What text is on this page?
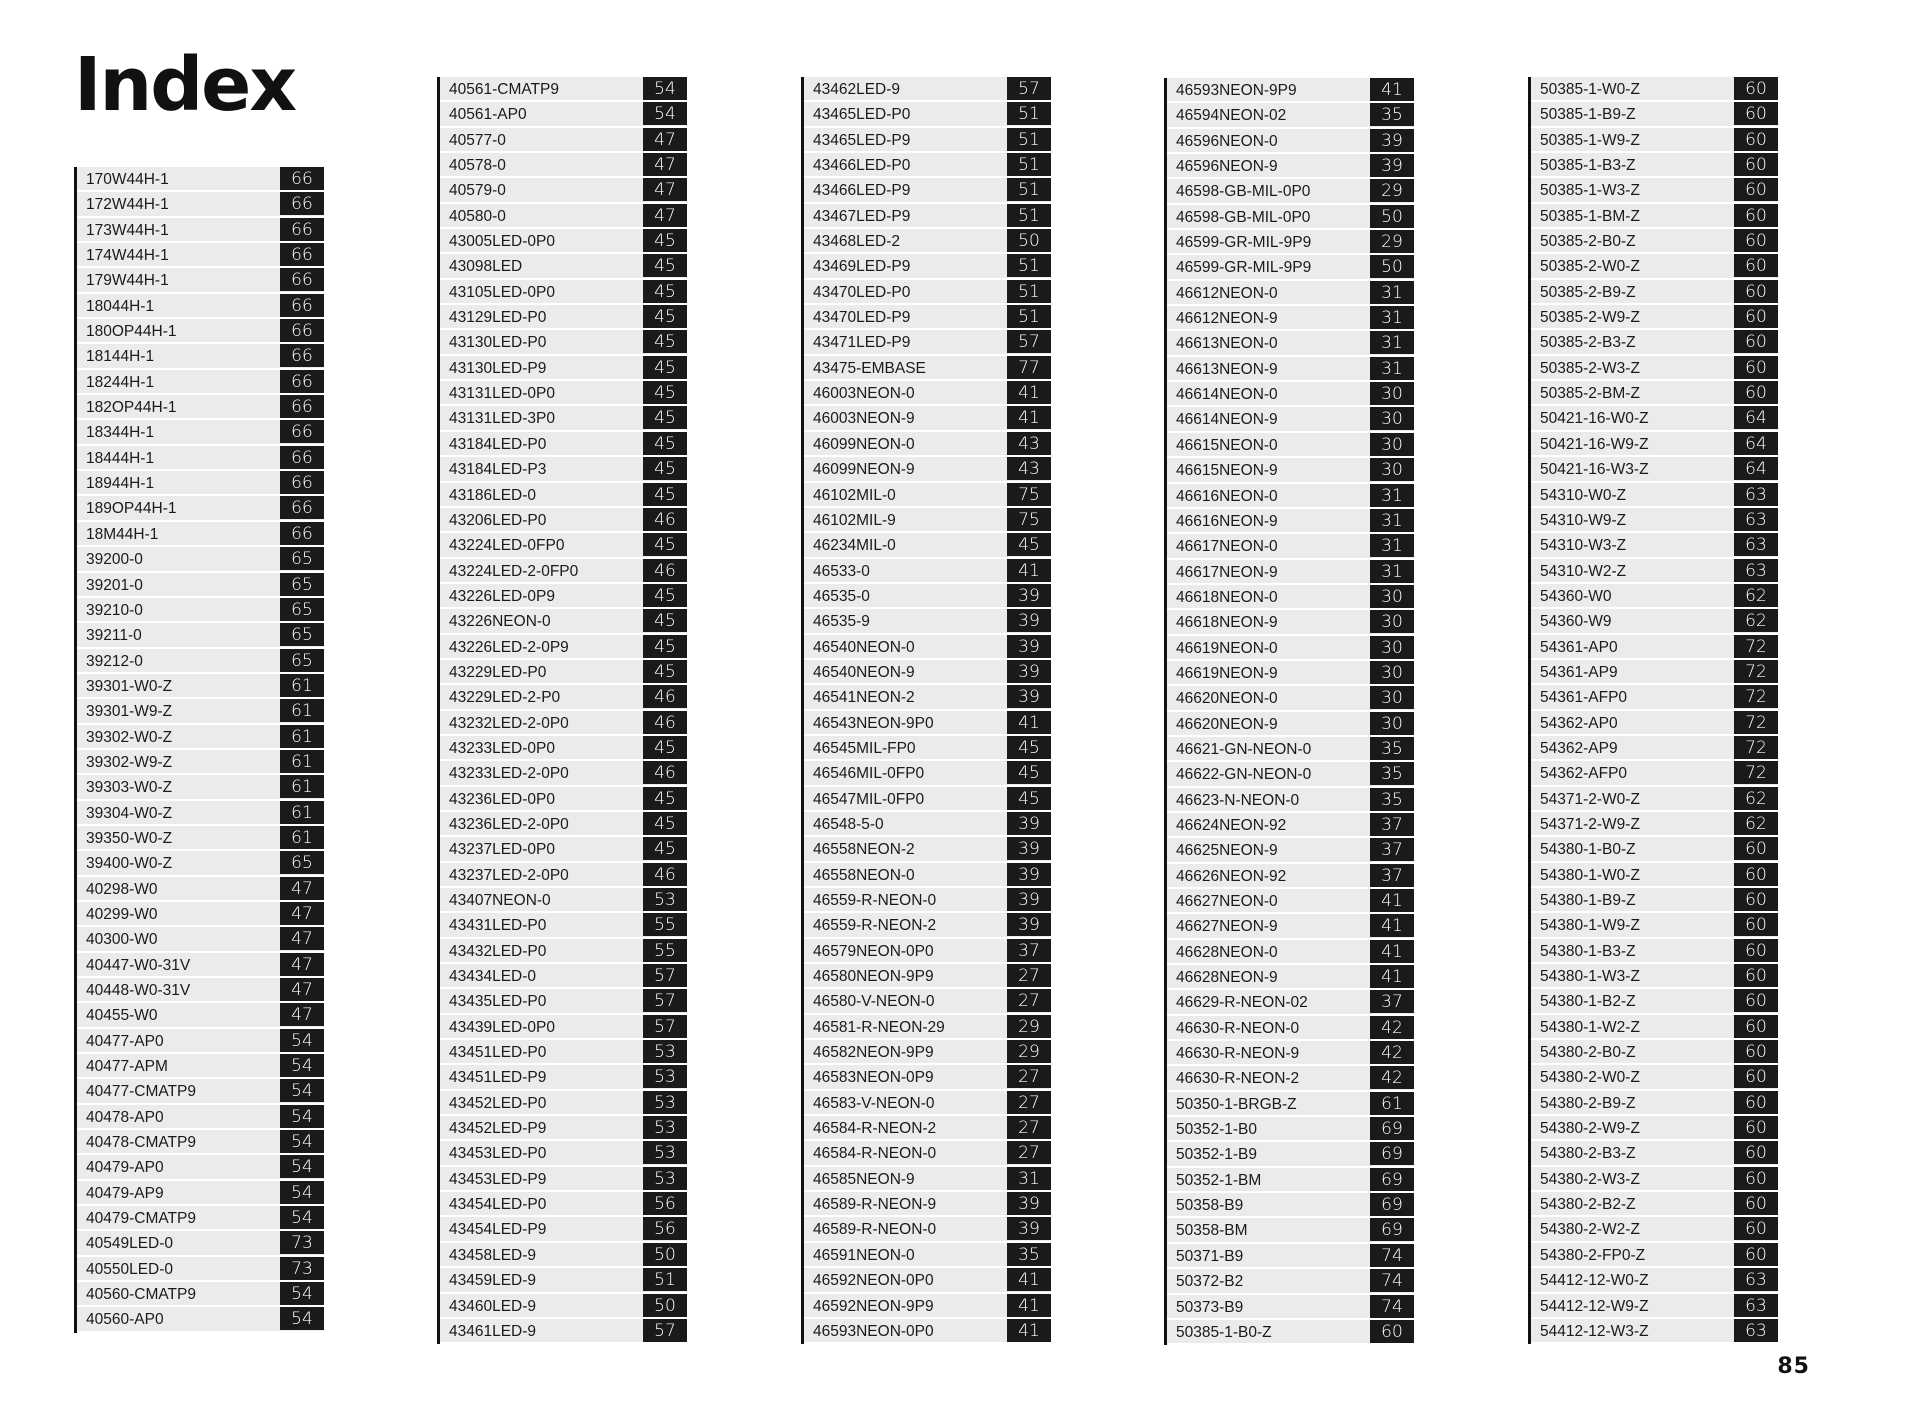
Index
170W44H-1	66
172W44H-1	66
173W44H-1	66
174W44H-1	66
179W44H-1	66
18044H-1	66
180OP44H-1	66
18144H-1	66
18244H-1	66
182OP44H-1	66
18344H-1	66
18444H-1	66
18944H-1	66
189OP44H-1	66
18M44H-1	66
39200-0	65
39201-0	65
39210-0	65
39211-0	65
39212-0	65
39301-W0-Z	61
39301-W9-Z	61
39302-W0-Z	61
39302-W9-Z	61
39303-W0-Z	61
39304-W0-Z	61
39350-W0-Z	61
39400-W0-Z	65
40298-W0	47
40299-W0	47
40300-W0	47
40447-W0-31V	47
40448-W0-31V	47
40455-W0	47
40477-AP0	54
40477-APM	54
40477-CMATP9	54
40478-AP0	54
40478-CMATP9	54
40479-AP0	54
40479-AP9	54
40479-CMATP9	54
40549LED-0	73
40550LED-0	73
40560-CMATP9	54
40560-AP0	54
40561-CMATP9	54
40561-AP0	54
40577-0	47
40578-0	47
40579-0	47
40580-0	47
43005LED-0P0	45
43098LED	45
43105LED-0P0	45
43129LED-P0	45
43130LED-P0	45
43130LED-P9	45
43131LED-0P0	45
43131LED-3P0	45
43184LED-P0	45
43184LED-P3	45
43186LED-0	45
43206LED-P0	46
43224LED-0FP0	45
43224LED-2-0FP0	46
43226LED-0P9	45
43226NEON-0	45
43226LED-2-0P9	45
43229LED-P0	45
43229LED-2-P0	46
43232LED-2-0P0	46
43233LED-0P0	45
43233LED-2-0P0	46
43236LED-0P0	45
43236LED-2-0P0	45
43237LED-0P0	45
43237LED-2-0P0	46
43407NEON-0	53
43431LED-P0	55
43432LED-P0	55
43434LED-0	57
43435LED-P0	57
43439LED-0P0	57
43451LED-P0	53
43451LED-P9	53
43452LED-P0	53
43452LED-P9	53
43453LED-P0	53
43453LED-P9	53
43454LED-P0	56
43454LED-P9	56
43458LED-9	50
43459LED-9	51
43460LED-9	50
43461LED-9	57
43462LED-9	57
43465LED-P0	51
43465LED-P9	51
43466LED-P0	51
43466LED-P9	51
43467LED-P9	51
43468LED-2	50
43469LED-P9	51
43470LED-P0	51
43470LED-P9	51
43471LED-P9	57
43475-EMBASE	77
46003NEON-0	41
46003NEON-9	41
46099NEON-0	43
46099NEON-9	43
46102MIL-0	75
46102MIL-9	75
46234MIL-0	45
46533-0	41
46535-0	39
46535-9	39
46540NEON-0	39
46540NEON-9	39
46541NEON-2	39
46543NEON-9P0	41
46545MIL-FP0	45
46546MIL-0FP0	45
46547MIL-0FP0	45
46548-5-0	39
46558NEON-2	39
46558NEON-0	39
46559-R-NEON-0	39
46559-R-NEON-2	39
46579NEON-0P0	37
46580NEON-9P9	27
46580-V-NEON-0	27
46581-R-NEON-29	29
46582NEON-9P9	29
46583NEON-0P9	27
46583-V-NEON-0	27
46584-R-NEON-2	27
46584-R-NEON-0	27
46585NEON-9	31
46589-R-NEON-9	39
46589-R-NEON-0	39
46591NEON-0	35
46592NEON-0P0	41
46592NEON-9P9	41
46593NEON-0P0	41
46593NEON-9P9	41
46594NEON-02	35
46596NEON-0	39
46596NEON-9	39
46598-GB-MIL-0P0	29
46598-GB-MIL-0P0	50
46599-GR-MIL-9P9	29
46599-GR-MIL-9P9	50
46612NEON-0	31
46612NEON-9	31
46613NEON-0	31
46613NEON-9	31
46614NEON-0	30
46614NEON-9	30
46615NEON-0	30
46615NEON-9	30
46616NEON-0	31
46616NEON-9	31
46617NEON-0	31
46617NEON-9	31
46618NEON-0	30
46618NEON-9	30
46619NEON-0	30
46619NEON-9	30
46620NEON-0	30
46620NEON-9	30
46621-GN-NEON-0	35
46622-GN-NEON-0	35
46623-N-NEON-0	35
46624NEON-92	37
46625NEON-9	37
46626NEON-92	37
46627NEON-0	41
46627NEON-9	41
46628NEON-0	41
46628NEON-9	41
46629-R-NEON-02	37
46630-R-NEON-0	42
46630-R-NEON-9	42
46630-R-NEON-2	42
50350-1-BRGB-Z	61
50352-1-B0	69
50352-1-B9	69
50352-1-BM	69
50358-B9	69
50358-BM	69
50371-B9	74
50372-B2	74
50373-B9	74
50385-1-B0-Z	60
50385-1-W0-Z	60
50385-1-B9-Z	60
50385-1-W9-Z	60
50385-1-B3-Z	60
50385-1-W3-Z	60
50385-1-BM-Z	60
50385-2-B0-Z	60
50385-2-W0-Z	60
50385-2-B9-Z	60
50385-2-W9-Z	60
50385-2-B3-Z	60
50385-2-W3-Z	60
50385-2-BM-Z	60
50421-16-W0-Z	64
50421-16-W9-Z	64
50421-16-W3-Z	64
54310-W0-Z	63
54310-W9-Z	63
54310-W3-Z	63
54310-W2-Z	63
54360-W0	62
54360-W9	62
54361-AP0	72
54361-AP9	72
54361-AFP0	72
54362-AP0	72
54362-AP9	72
54362-AFP0	72
54371-2-W0-Z	62
54371-2-W9-Z	62
54380-1-B0-Z	60
54380-1-W0-Z	60
54380-1-B9-Z	60
54380-1-W9-Z	60
54380-1-B3-Z	60
54380-1-W3-Z	60
54380-1-B2-Z	60
54380-1-W2-Z	60
54380-2-B0-Z	60
54380-2-W0-Z	60
54380-2-B9-Z	60
54380-2-W9-Z	60
54380-2-B3-Z	60
54380-2-W3-Z	60
54380-2-B2-Z	60
54380-2-W2-Z	60
54380-2-FP0-Z	60
54412-12-W0-Z	63
54412-12-W9-Z	63
54412-12-W3-Z	63
85
